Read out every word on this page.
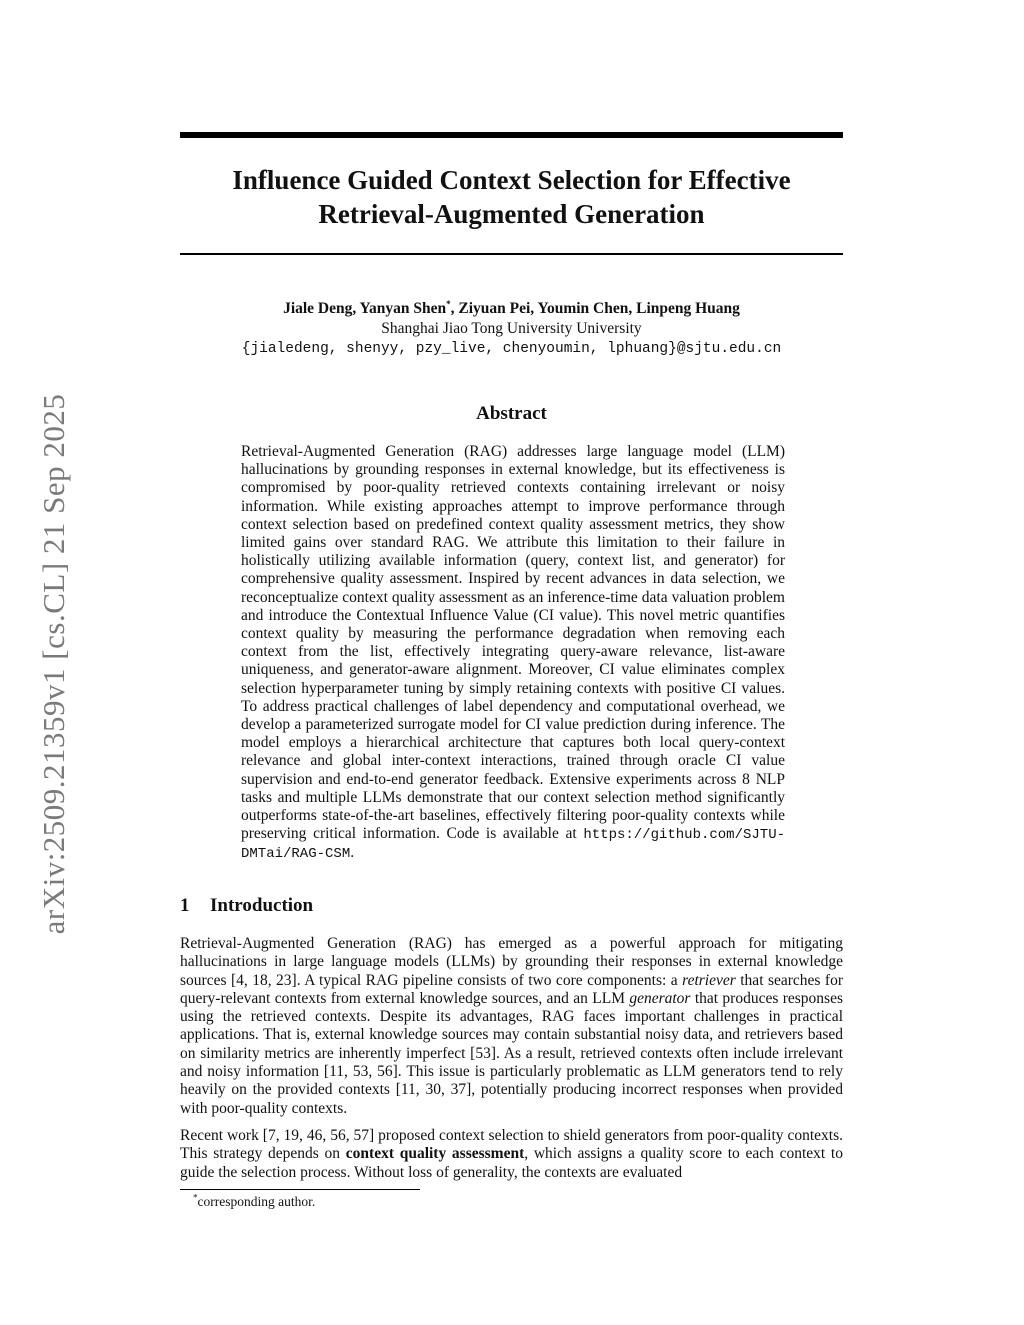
arXiv:2509.21359v1 [cs.CL] 21 Sep 2025
Influence Guided Context Selection for Effective
Retrieval-Augmented Generation
Jiale Deng, Yanyan Shen*, Ziyuan Pei, Youmin Chen, Linpeng Huang
Shanghai Jiao Tong University University
{jialedeng, shenyy, pzy_live, chenyoumin, lphuang}@sjtu.edu.cn
Abstract
Retrieval-Augmented Generation (RAG) addresses large language model (LLM) hallucinations by grounding responses in external knowledge, but its effectiveness is compromised by poor-quality retrieved contexts containing irrelevant or noisy information. While existing approaches attempt to improve performance through context selection based on predefined context quality assessment metrics, they show limited gains over standard RAG. We attribute this limitation to their failure in holistically utilizing available information (query, context list, and generator) for comprehensive quality assessment. Inspired by recent advances in data selection, we reconceptualize context quality assessment as an inference-time data valuation problem and introduce the Contextual Influence Value (CI value). This novel metric quantifies context quality by measuring the performance degradation when removing each context from the list, effectively integrating query-aware relevance, list-aware uniqueness, and generator-aware alignment. Moreover, CI value eliminates complex selection hyperparameter tuning by simply retaining contexts with positive CI values. To address practical challenges of label dependency and computational overhead, we develop a parameterized surrogate model for CI value prediction during inference. The model employs a hierarchical architecture that captures both local query-context relevance and global inter-context interactions, trained through oracle CI value supervision and end-to-end generator feedback. Extensive experiments across 8 NLP tasks and multiple LLMs demonstrate that our context selection method significantly outperforms state-of-the-art baselines, effectively filtering poor-quality contexts while preserving critical information. Code is available at https://github.com/SJTU-DMTai/RAG-CSM.
1 Introduction

Retrieval-Augmented Generation (RAG) has emerged as a powerful approach for mitigating hallucinations in large language models (LLMs) by grounding their responses in external knowledge sources [4, 18, 23]. A typical RAG pipeline consists of two core components: a retriever that searches for query-relevant contexts from external knowledge sources, and an LLM generator that produces responses using the retrieved contexts. Despite its advantages, RAG faces important challenges in practical applications. That is, external knowledge sources may contain substantial noisy data, and retrievers based on similarity metrics are inherently imperfect [53]. As a result, retrieved contexts often include irrelevant and noisy information [11, 53, 56]. This issue is particularly problematic as LLM generators tend to rely heavily on the provided contexts [11, 30, 37], potentially producing incorrect responses when provided with poor-quality contexts.

Recent work [7, 19, 46, 56, 57] proposed context selection to shield generators from poor-quality contexts. This strategy depends on context quality assessment, which assigns a quality score to each context to guide the selection process. Without loss of generality, the contexts are evaluated

*corresponding author.
